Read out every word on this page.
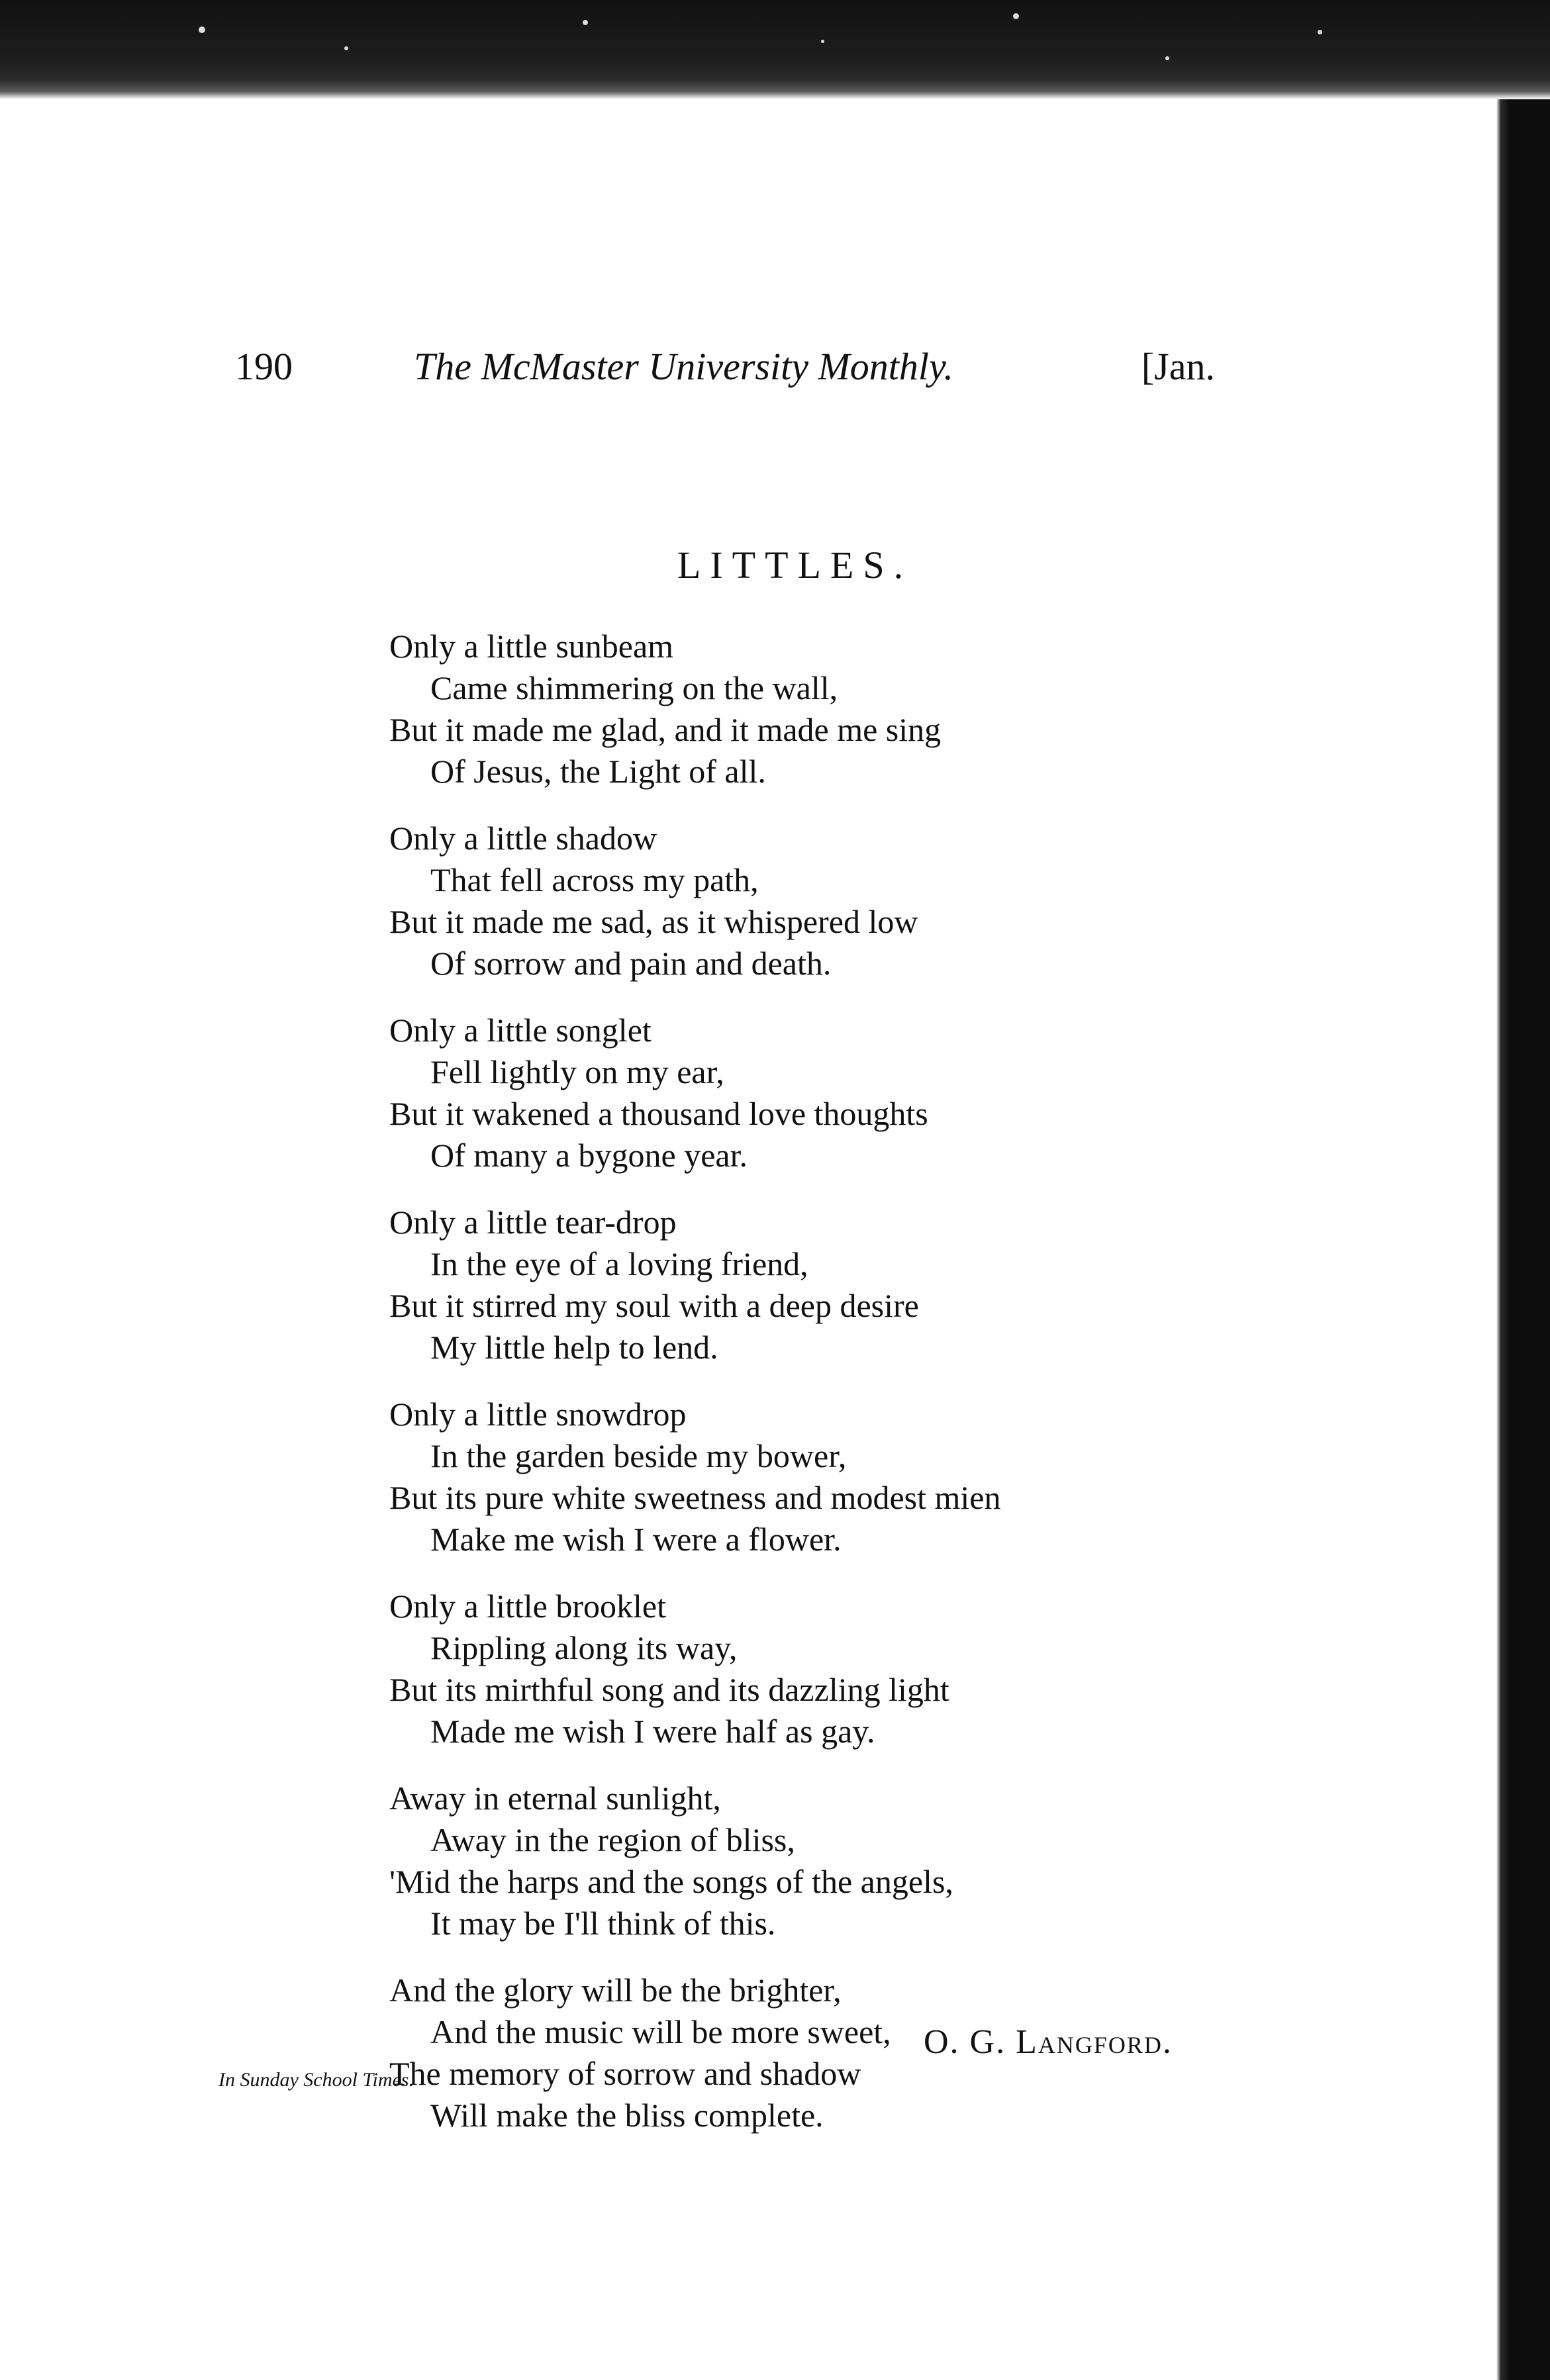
190	The McMaster University Monthly.	[Jan.
LITTLES.
Only a little sunbeam
Came shimmering on the wall,
But it made me glad, and it made me sing
Of Jesus, the Light of all.
Only a little shadow
That fell across my path,
But it made me sad, as it whispered low
Of sorrow and pain and death.
Only a little songlet
Fell lightly on my ear,
But it wakened a thousand love thoughts
Of many a bygone year.
Only a little tear-drop
In the eye of a loving friend,
But it stirred my soul with a deep desire
My little help to lend.
Only a little snowdrop
In the garden beside my bower,
But its pure white sweetness and modest mien
Make me wish I were a flower.
Only a little brooklet
Rippling along its way,
But its mirthful song and its dazzling light
Made me wish I were half as gay.
Away in eternal sunlight,
Away in the region of bliss,
'Mid the harps and the songs of the angels,
It may be I'll think of this.
And the glory will be the brighter,
And the music will be more sweet,
The memory of sorrow and shadow
Will make the bliss complete.
O. G. Langford.
In Sunday School Times.
